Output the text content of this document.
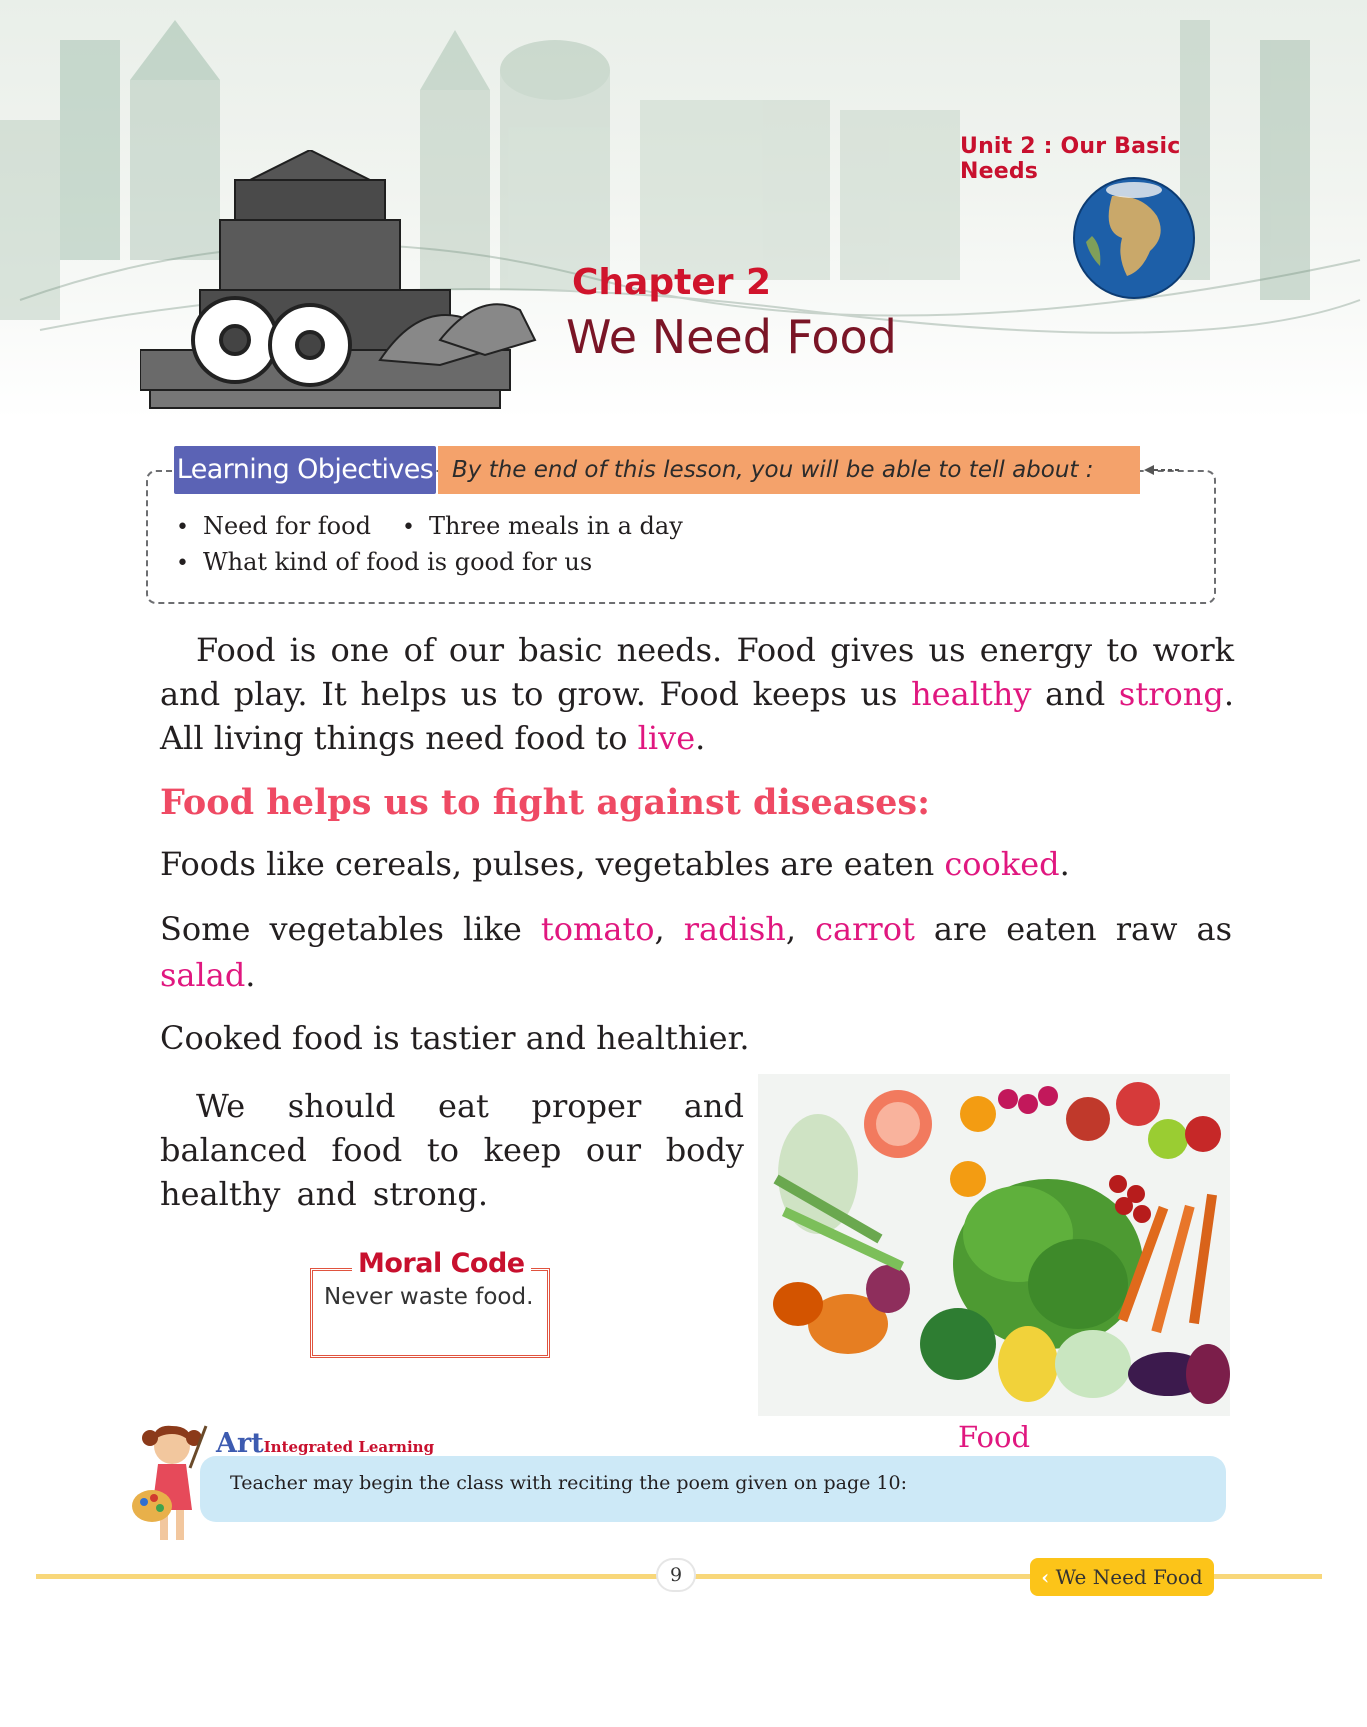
Unit 2 : Our Basic Needs
Chapter 2
We Need Food
Learning Objectives By the end of this lesson, you will be able to tell about :
•  Need for food •  Three meals in a day
•  What kind of food is good for us
Food is one of our basic needs. Food gives us energy to work and play. It helps us to grow. Food keeps us healthy and strong. All living things need food to live.
Food helps us to fight against diseases:
Foods like cereals, pulses, vegetables are eaten cooked.
Some vegetables like tomato, radish, carrot are eaten raw as salad.
Cooked food is tastier and healthier.
We should eat proper and balanced food to keep our body healthy and strong.
Moral Code
Never waste food.
Food
ArtIntegrated Learning
Teacher may begin the class with reciting the poem given on page 10:
9	‹ We Need Food
